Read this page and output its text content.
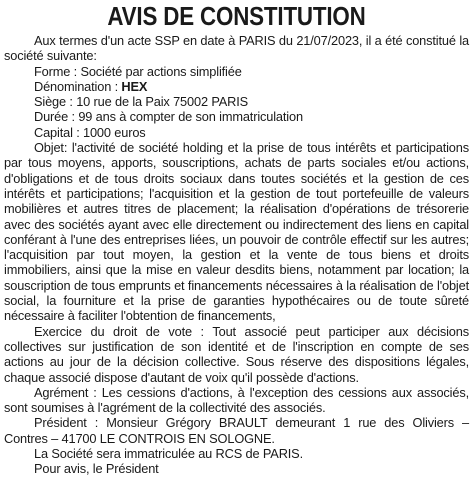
AVIS DE CONSTITUTION
Aux termes d'un acte SSP en date à PARIS du 21/07/2023, il a été constitué la société suivante:
Forme : Société par actions simplifiée
Dénomination : HEX
Siège : 10 rue de la Paix 75002 PARIS
Durée : 99 ans à compter de son immatriculation
Capital : 1000 euros
Objet: l'activité de société holding et la prise de tous intérêts et participations par tous moyens, apports, souscriptions, achats de parts sociales et/ou actions, d'obligations et de tous droits sociaux dans toutes sociétés et la gestion de ces intérêts et participations; l'acquisition et la gestion de tout portefeuille de valeurs mobilières et autres titres de placement; la réalisation d'opérations de trésorerie avec des sociétés ayant avec elle directement ou indirectement des liens en capital conférant à l'une des entreprises liées, un pouvoir de contrôle effectif sur les autres; l'acquisition par tout moyen, la gestion et la vente de tous biens et droits immobiliers, ainsi que la mise en valeur desdits biens, notamment par location; la souscription de tous emprunts et financements nécessaires à la réalisation de l'objet social, la fourniture et la prise de garanties hypothécaires ou de toute sûreté nécessaire à faciliter l'obtention de financements,
Exercice du droit de vote : Tout associé peut participer aux décisions collectives sur justification de son identité et de l'inscription en compte de ses actions au jour de la décision collective. Sous réserve des dispositions légales, chaque associé dispose d'autant de voix qu'il possède d'actions.
Agrément : Les cessions d'actions, à l'exception des cessions aux associés, sont soumises à l'agrément de la collectivité des associés.
Président : Monsieur Grégory BRAULT demeurant 1 rue des Oliviers – Contres – 41700 LE CONTROIS EN SOLOGNE.
La Société sera immatriculée au RCS de PARIS.
Pour avis, le Président
